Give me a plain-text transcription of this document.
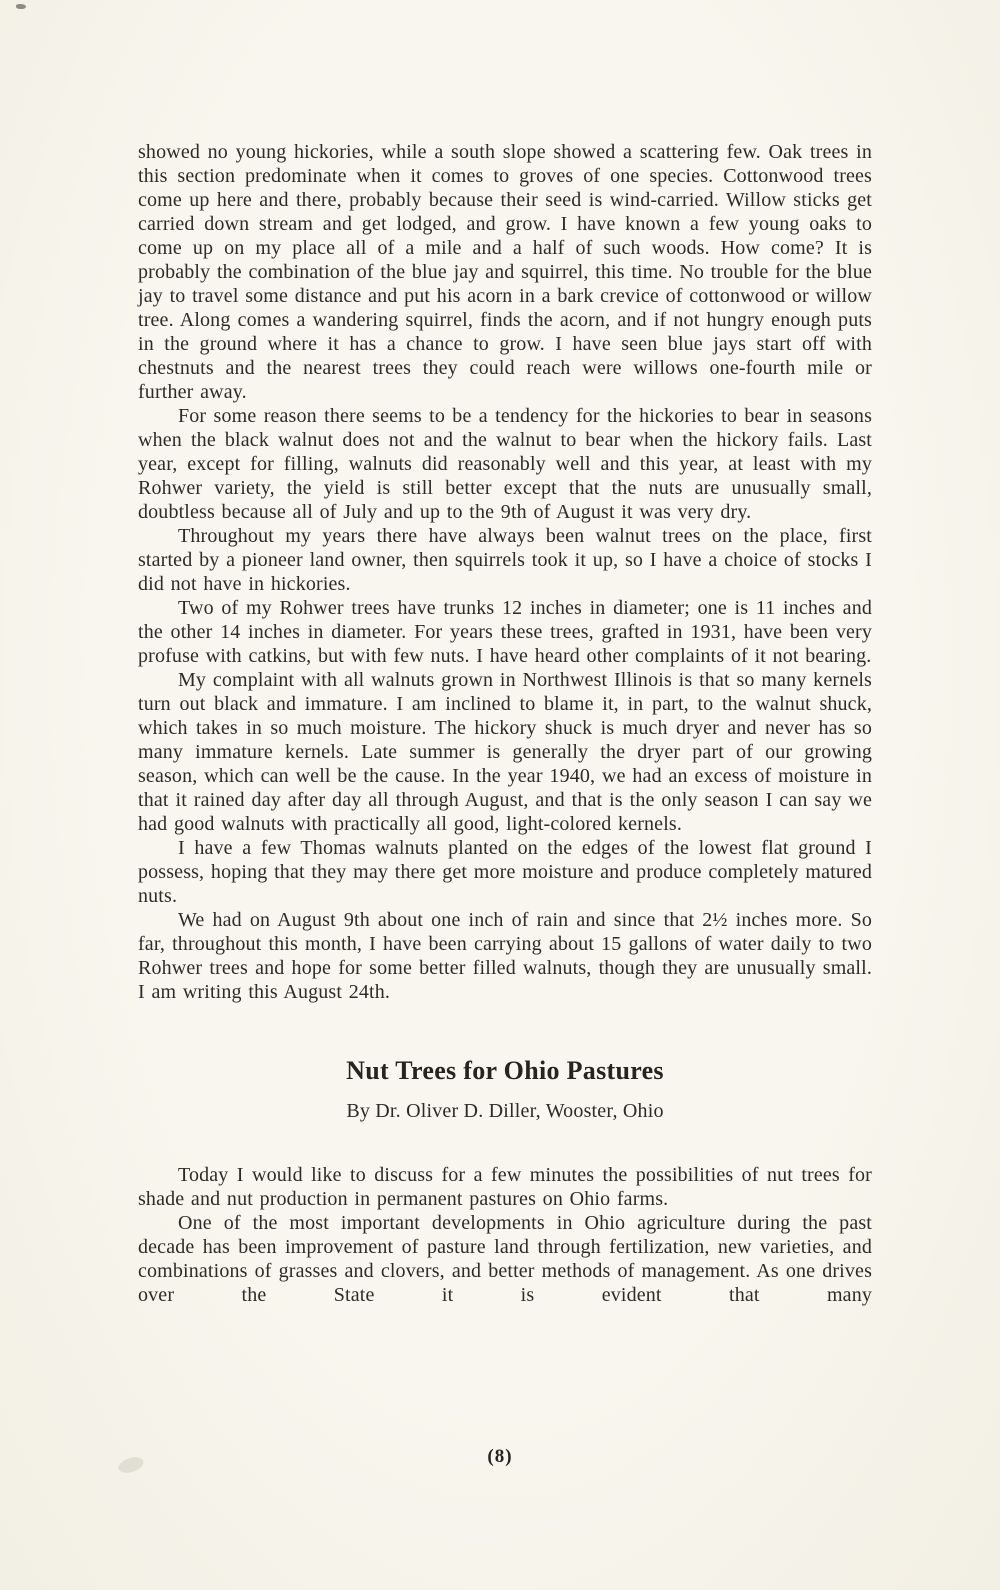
showed no young hickories, while a south slope showed a scattering few. Oak trees in this section predominate when it comes to groves of one species. Cottonwood trees come up here and there, probably because their seed is wind-carried. Willow sticks get carried down stream and get lodged, and grow. I have known a few young oaks to come up on my place all of a mile and a half of such woods. How come? It is probably the combination of the blue jay and squirrel, this time. No trouble for the blue jay to travel some distance and put his acorn in a bark crevice of cottonwood or willow tree. Along comes a wandering squirrel, finds the acorn, and if not hungry enough puts in the ground where it has a chance to grow. I have seen blue jays start off with chestnuts and the nearest trees they could reach were willows one-fourth mile or further away.

For some reason there seems to be a tendency for the hickories to bear in seasons when the black walnut does not and the walnut to bear when the hickory fails. Last year, except for filling, walnuts did reasonably well and this year, at least with my Rohwer variety, the yield is still better except that the nuts are unusually small, doubtless because all of July and up to the 9th of August it was very dry.

Throughout my years there have always been walnut trees on the place, first started by a pioneer land owner, then squirrels took it up, so I have a choice of stocks I did not have in hickories.

Two of my Rohwer trees have trunks 12 inches in diameter; one is 11 inches and the other 14 inches in diameter. For years these trees, grafted in 1931, have been very profuse with catkins, but with few nuts. I have heard other complaints of it not bearing.

My complaint with all walnuts grown in Northwest Illinois is that so many kernels turn out black and immature. I am inclined to blame it, in part, to the walnut shuck, which takes in so much moisture. The hickory shuck is much dryer and never has so many immature kernels. Late summer is generally the dryer part of our growing season, which can well be the cause. In the year 1940, we had an excess of moisture in that it rained day after day all through August, and that is the only season I can say we had good walnuts with practically all good, light-colored kernels.

I have a few Thomas walnuts planted on the edges of the lowest flat ground I possess, hoping that they may there get more moisture and produce completely matured nuts.

We had on August 9th about one inch of rain and since that 2½ inches more. So far, throughout this month, I have been carrying about 15 gallons of water daily to two Rohwer trees and hope for some better filled walnuts, though they are unusually small. I am writing this August 24th.

Nut Trees for Ohio Pastures
By Dr. Oliver D. Diller, Wooster, Ohio

Today I would like to discuss for a few minutes the possibilities of nut trees for shade and nut production in permanent pastures on Ohio farms.

One of the most important developments in Ohio agriculture during the past decade has been improvement of pasture land through fertilization, new varieties, and combinations of grasses and clovers, and better methods of management. As one drives over the State it is evident that many

(8)
